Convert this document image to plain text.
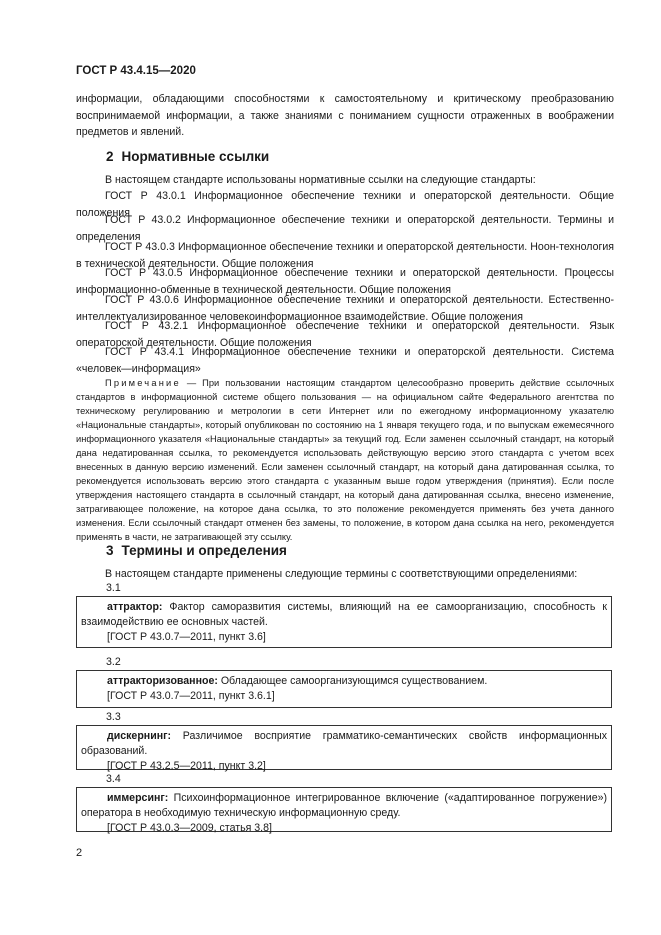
ГОСТ Р 43.4.15—2020

информации, обладающими способностями к самостоятельному и критическому преобразованию воспринимаемой информации, а также знаниями с пониманием сущности отраженных в воображении предметов и явлений.

2 Нормативные ссылки

В настоящем стандарте использованы нормативные ссылки на следующие стандарты:

ГОСТ Р 43.0.1 Информационное обеспечение техники и операторской деятельности. Общие положения

ГОСТ Р 43.0.2 Информационное обеспечение техники и операторской деятельности. Термины и определения

ГОСТ Р 43.0.3 Информационное обеспечение техники и операторской деятельности. Ноон-технология в технической деятельности. Общие положения

ГОСТ Р 43.0.5 Информационное обеспечение техники и операторской деятельности. Процессы информационно-обменные в технической деятельности. Общие положения

ГОСТ Р 43.0.6 Информационное обеспечение техники и операторской деятельности. Естественно-интеллектуализированное человекоинформационное взаимодействие. Общие положения

ГОСТ Р 43.2.1 Информационное обеспечение техники и операторской деятельности. Язык операторской деятельности. Общие положения

ГОСТ Р 43.4.1 Информационное обеспечение техники и операторской деятельности. Система «человек—информация»

Примечание — При пользовании настоящим стандартом целесообразно проверить действие ссылочных стандартов в информационной системе общего пользования — на официальном сайте Федерального агентства по техническому регулированию и метрологии в сети Интернет или по ежегодному информационному указателю «Национальные стандарты», который опубликован по состоянию на 1 января текущего года, и по выпускам ежемесячного информационного указателя «Национальные стандарты» за текущий год. Если заменен ссылочный стандарт, на который дана недатированная ссылка, то рекомендуется использовать действующую версию этого стандарта с учетом всех внесенных в данную версию изменений. Если заменен ссылочный стандарт, на который дана датированная ссылка, то рекомендуется использовать версию этого стандарта с указанным выше годом утверждения (принятия). Если после утверждения настоящего стандарта в ссылочный стандарт, на который дана датированная ссылка, внесено изменение, затрагивающее положение, на которое дана ссылка, то это положение рекомендуется применять без учета данного изменения. Если ссылочный стандарт отменен без замены, то положение, в котором дана ссылка на него, рекомендуется применять в части, не затрагивающей эту ссылку.

3 Термины и определения

В настоящем стандарте применены следующие термины с соответствующими определениями:

3.1

аттрактор: Фактор саморазвития системы, влияющий на ее самоорганизацию, способность к взаимодействию ее основных частей.

[ГОСТ Р 43.0.7—2011, пункт 3.6]

3.2

аттракторизованное: Обладающее самоорганизующимся существованием.

[ГОСТ Р 43.0.7—2011, пункт 3.6.1]

3.3

дискернинг: Различимое восприятие грамматико-семантических свойств информационных образований.

[ГОСТ Р 43.2.5—2011, пункт 3.2]

3.4

иммерсинг: Психоинформационное интегрированное включение («адаптированное погружение») оператора в необходимую техническую информационную среду.

[ГОСТ Р 43.0.3—2009, статья 3.8]

2
